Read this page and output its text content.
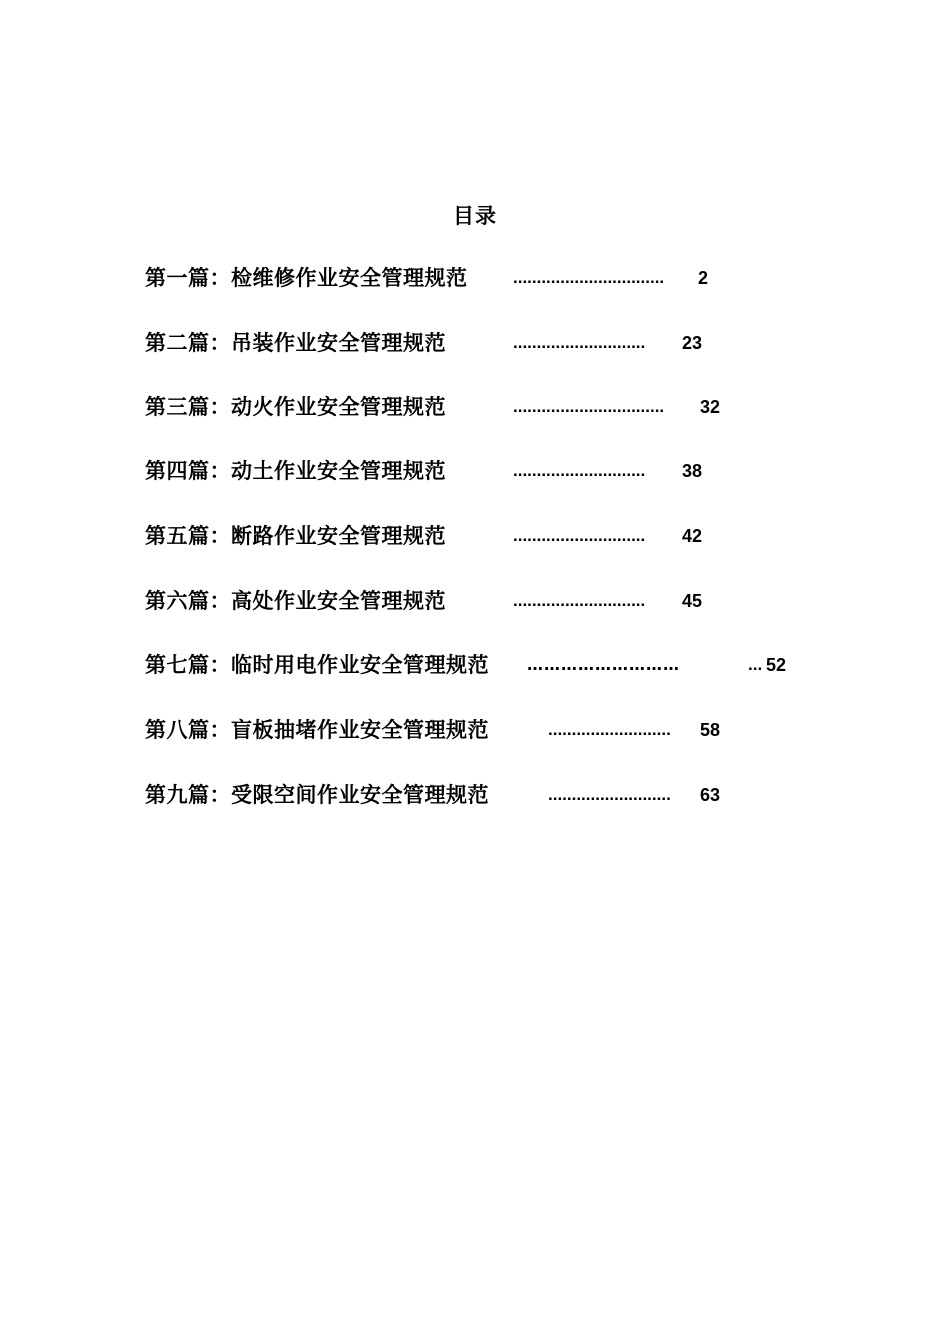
目录
第一篇：检维修作业安全管理规范	................................ 2
第二篇：吊装作业安全管理规范	............................ 23
第三篇：动火作业安全管理规范	................................ 32
第四篇：动土作业安全管理规范	............................ 38
第五篇：断路作业安全管理规范	............................ 42
第六篇：高处作业安全管理规范	............................ 45
第七篇：临时用电作业安全管理规范 ………………………	... 52
第八篇：盲板抽堵作业安全管理规范	.......................... 58
第九篇：受限空间作业安全管理规范	.......................... 63
